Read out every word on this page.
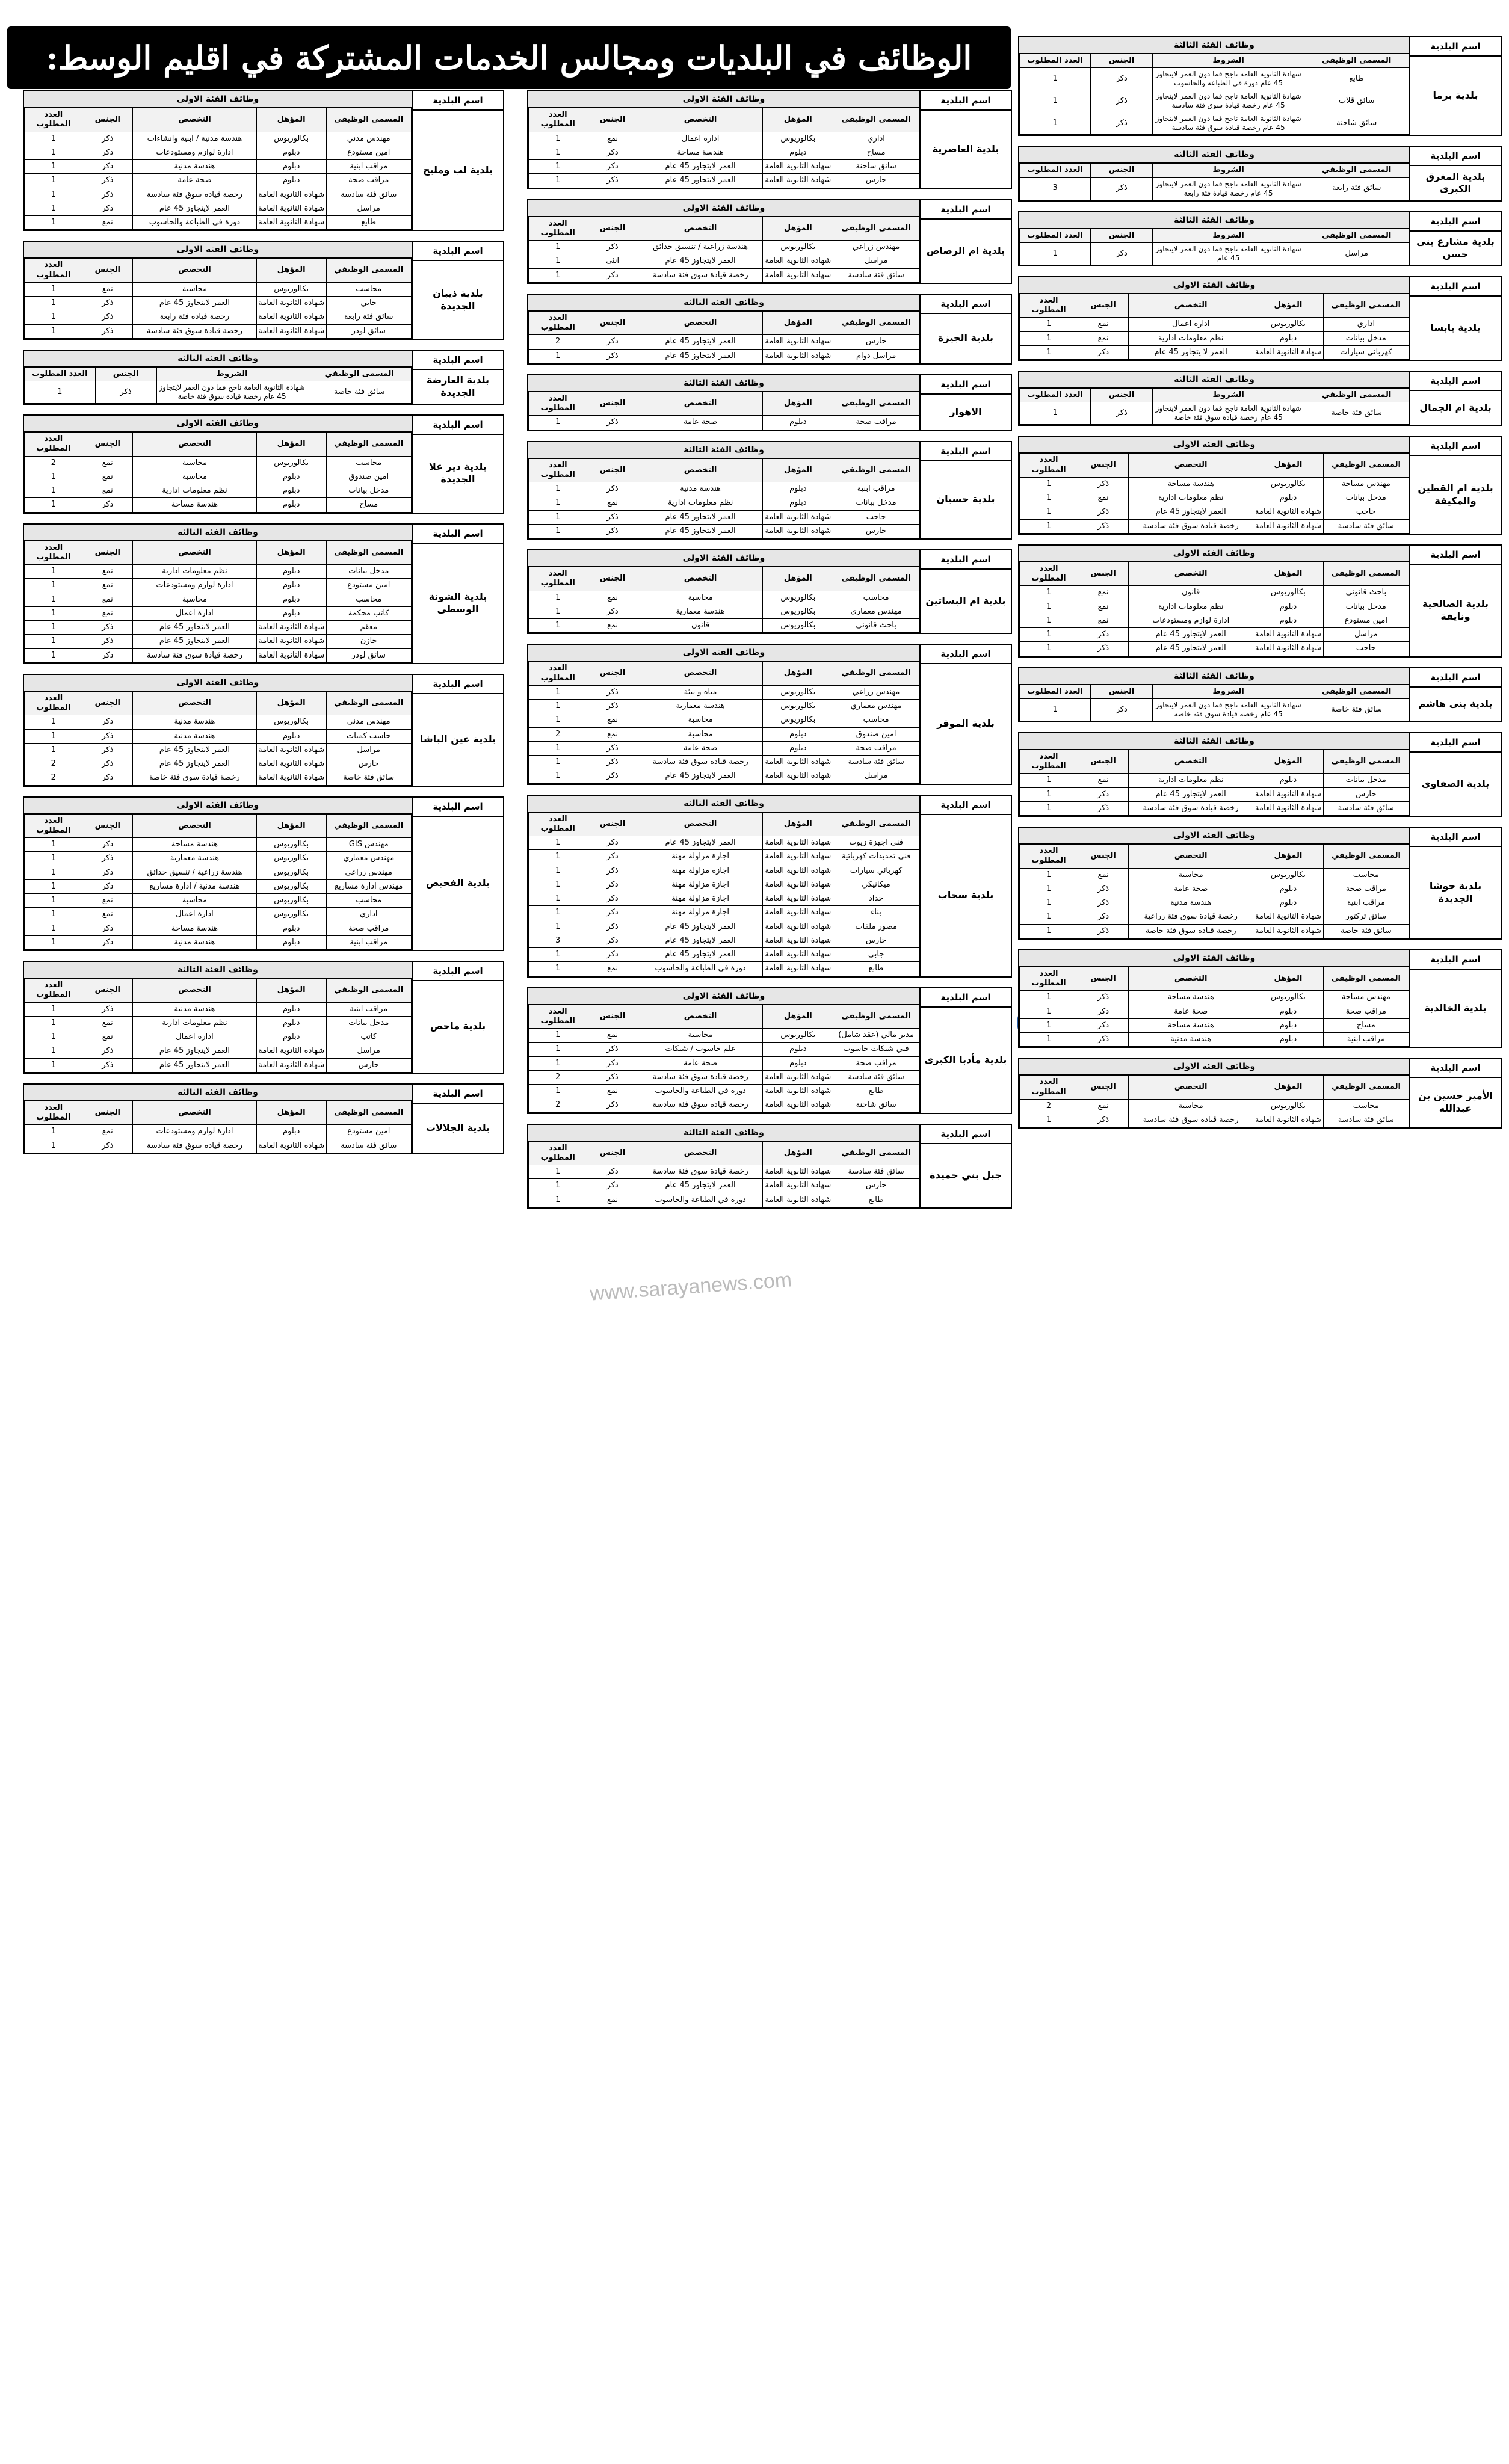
الوظائف في البلديات ومجالس الخدمات المشتركة في اقليم الوسط:
www.sarayanews.com
اسم البلدية
بلدية برما
وظائف الفئة الثالثة
المسمى الوظيفي	الشروط	الجنس	العدد المطلوب
طابع	شهادة الثانوية العامة ناجح فما دون العمر لايتجاوز 45 عام دورة في الطباعة والحاسوب	ذكر	1
سائق قلاب	شهادة الثانوية العامة ناجح فما دون العمر لايتجاوز 45 عام رخصة قيادة سوق فئة سادسة	ذكر	1
سائق شاحنة	شهادة الثانوية العامة ناجح فما دون العمر لايتجاوز 45 عام رخصة قيادة سوق فئة سادسة	ذكر	1
اسم البلدية
بلدية المغرق الكبرى
وظائف الفئة الثالثة
المسمى الوظيفي	الشروط	الجنس	العدد المطلوب
سائق فئة رابعة	شهادة الثانوية العامة ناجح فما دون العمر لايتجاوز 45 عام رخصة قيادة فئة رابعة	ذكر	3
اسم البلدية
بلدية مشارع بني حسن
وظائف الفئة الثالثة
المسمى الوظيفي	الشروط	الجنس	العدد المطلوب
مراسل	شهادة الثانوية العامة ناجح فما دون العمر لايتجاوز 45 عام	ذكر	1
اسم البلدية
بلدية يابسا
وظائف الفئة الاولى
المسمى الوظيفي	المؤهل	التخصص	الجنس	العدد المطلوب
اداري	بكالوريوس	ادارة اعمال	نمع	1
مدخل بيانات	دبلوم	نظم معلومات ادارية	نمع	1
كهربائي سيارات	شهادة الثانوية العامة	العمر لا يتجاوز 45 عام	ذكر	1
اسم البلدية
بلدية ام الجمال
وظائف الفئة الثالثة
المسمى الوظيفي	الشروط	الجنس	العدد المطلوب
سائق فئة خاصة	شهادة الثانوية العامة ناجح فما دون العمر لايتجاوز 45 عام رخصة قيادة سوق فئة خاصة	ذكر	1
اسم البلدية
بلدية ام القطين والمكيفة
وظائف الفئة الاولى
المسمى الوظيفي	المؤهل	التخصص	الجنس	العدد المطلوب
مهندس مساحة	بكالوريوس	هندسة مساحة	ذكر	1
مدخل بيانات	دبلوم	نظم معلومات ادارية	نمع	1
حاجب	شهادة الثانوية العامة	العمر لايتجاوز 45 عام	ذكر	1
سائق فئة سادسة	شهادة الثانوية العامة	رخصة قيادة سوق فئة سادسة	ذكر	1
اسم البلدية
بلدية الصالحية ونايفة
وظائف الفئة الاولى
المسمى الوظيفي	المؤهل	التخصص	الجنس	العدد المطلوب
باحث قانوني	بكالوريوس	قانون	نمع	1
مدخل بيانات	دبلوم	نظم معلومات ادارية	نمع	1
امين مستودع	دبلوم	ادارة لوازم ومستودعات	نمع	1
مراسل	شهادة الثانوية العامة	العمر لايتجاوز 45 عام	ذكر	1
حاجب	شهادة الثانوية العامة	العمر لايتجاوز 45 عام	ذكر	1
اسم البلدية
بلدية بني هاشم
وظائف الفئة الثالثة
المسمى الوظيفي	الشروط	الجنس	العدد المطلوب
سائق فئة خاصة	شهادة الثانوية العامة ناجح فما دون العمر لايتجاوز 45 عام رخصة قيادة سوق فئة خاصة	ذكر	1
اسم البلدية
بلدية الصفاوي
وظائف الفئة الثالثة
المسمى الوظيفي	المؤهل	التخصص	الجنس	العدد المطلوب
مدخل بيانات	دبلوم	نظم معلومات ادارية	نمع	1
حارس	شهادة الثانوية العامة	العمر لايتجاوز 45 عام	ذكر	1
سائق فئة سادسة	شهادة الثانوية العامة	رخصة قيادة سوق فئة سادسة	ذكر	1
اسم البلدية
بلدية حوشا الجديدة
وظائف الفئة الاولى
المسمى الوظيفي	المؤهل	التخصص	الجنس	العدد المطلوب
محاسب	بكالوريوس	محاسبة	نمع	1
مراقب صحة	دبلوم	صحة عامة	ذكر	1
مراقب ابنية	دبلوم	هندسة مدنية	ذكر	1
سائق تركتور	شهادة الثانوية العامة	رخصة قيادة سوق فئة زراعية	ذكر	1
سائق فئة خاصة	شهادة الثانوية العامة	رخصة قيادة سوق فئة خاصة	ذكر	1
اسم البلدية
بلدية الخالدية
وظائف الفئة الاولى
المسمى الوظيفي	المؤهل	التخصص	الجنس	العدد المطلوب
مهندس مساحة	بكالوريوس	هندسة مساحة	ذكر	1
مراقب صحة	دبلوم	صحة عامة	ذكر	1
مساح	دبلوم	هندسة مساحة	ذكر	1
مراقب ابنية	دبلوم	هندسة مدنية	ذكر	1
اسم البلدية
الأمير حسين بن عبدالله
وظائف الفئة الاولى
المسمى الوظيفي	المؤهل	التخصص	الجنس	العدد المطلوب
محاسب	بكالوريوس	محاسبة	نمع	2
سائق فئة سادسة	شهادة الثانوية العامة	رخصة قيادة سوق فئة سادسة	ذكر	1
اسم البلدية
بلدية العاصرية
وظائف الفئة الاولى
المسمى الوظيفي	المؤهل	التخصص	الجنس	العدد المطلوب
اداري	بكالوريوس	ادارة اعمال	نمع	1
مساح	دبلوم	هندسة مساحة	ذكر	1
سائق شاحنة	شهادة الثانوية العامة	العمر لايتجاوز 45 عام	ذكر	1
حارس	شهادة الثانوية العامة	العمر لايتجاوز 45 عام	ذكر	1
اسم البلدية
بلدية ام الرصاص
وظائف الفئة الاولى
المسمى الوظيفي	المؤهل	التخصص	الجنس	العدد المطلوب
مهندس زراعي	بكالوريوس	هندسة زراعية / تنسيق حدائق	ذكر	1
مراسل	شهادة الثانوية العامة	العمر لايتجاوز 45 عام	انثى	1
سائق فئة سادسة	شهادة الثانوية العامة	رخصة قيادة سوق فئة سادسة	ذكر	1
اسم البلدية
بلدية الجيزة
وظائف الفئة الثالثة
المسمى الوظيفي	المؤهل	التخصص	الجنس	العدد المطلوب
حارس	شهادة الثانوية العامة	العمر لايتجاوز 45 عام	ذكر	2
مراسل دوام	شهادة الثانوية العامة	العمر لايتجاوز 45 عام	ذكر	1
اسم البلدية
الاهوار
وظائف الفئة الثالثة
المسمى الوظيفي	المؤهل	التخصص	الجنس	العدد المطلوب
مراقب صحة	دبلوم	صحة عامة	ذكر	1
اسم البلدية
بلدية حسبان
وظائف الفئة الثالثة
المسمى الوظيفي	المؤهل	التخصص	الجنس	العدد المطلوب
مراقب ابنية	دبلوم	هندسة مدنية	ذكر	1
مدخل بيانات	دبلوم	نظم معلومات ادارية	نمع	1
حاجب	شهادة الثانوية العامة	العمر لايتجاوز 45 عام	ذكر	1
حارس	شهادة الثانوية العامة	العمر لايتجاوز 45 عام	ذكر	1
اسم البلدية
بلدية ام البساتين
وظائف الفئة الاولى
المسمى الوظيفي	المؤهل	التخصص	الجنس	العدد المطلوب
محاسب	بكالوريوس	محاسبة	نمع	1
مهندس معماري	بكالوريوس	هندسة معمارية	ذكر	1
باحث قانوني	بكالوريوس	قانون	نمع	1
اسم البلدية
بلدية الموقر
وظائف الفئة الاولى
المسمى الوظيفي	المؤهل	التخصص	الجنس	العدد المطلوب
مهندس زراعي	بكالوريوس	مياه و بيئة	ذكر	1
مهندس معماري	بكالوريوس	هندسة معمارية	ذكر	1
محاسب	بكالوريوس	محاسبة	نمع	1
امين صندوق	دبلوم	محاسبة	نمع	2
مراقب صحة	دبلوم	صحة عامة	ذكر	1
سائق فئة سادسة	شهادة الثانوية العامة	رخصة قيادة سوق فئة سادسة	ذكر	1
مراسل	شهادة الثانوية العامة	العمر لايتجاوز 45 عام	ذكر	1
اسم البلدية
بلدية سحاب
وظائف الفئة الثالثة
المسمى الوظيفي	المؤهل	التخصص	الجنس	العدد المطلوب
فني اجهزة زيوت	شهادة الثانوية العامة	العمر لايتجاوز 45 عام	ذكر	1
فني تمديدات كهربائية	شهادة الثانوية العامة	اجازة مزاولة مهنة	ذكر	1
كهربائي سيارات	شهادة الثانوية العامة	اجازة مزاولة مهنة	ذكر	1
ميكانيكي	شهادة الثانوية العامة	اجازة مزاولة مهنة	ذكر	1
حداد	شهادة الثانوية العامة	اجازة مزاولة مهنة	ذكر	1
بناء	شهادة الثانوية العامة	اجازة مزاولة مهنة	ذكر	1
مصور ملفات	شهادة الثانوية العامة	العمر لايتجاوز 45 عام	ذكر	1
حارس	شهادة الثانوية العامة	العمر لايتجاوز 45 عام	ذكر	3
جابي	شهادة الثانوية العامة	العمر لايتجاوز 45 عام	ذكر	1
طابع	شهادة الثانوية العامة	دورة في الطباعة والحاسوب	نمع	1
اسم البلدية
بلدية مأدبا الكبرى
وظائف الفئة الاولى
المسمى الوظيفي	المؤهل	التخصص	الجنس	العدد المطلوب
مدير مالي (عقد شامل)	بكالوريوس	محاسبة	نمع	1
فني شبكات حاسوب	دبلوم	علم حاسوب / شبكات	ذكر	1
مراقب صحة	دبلوم	صحة عامة	ذكر	1
سائق فئة سادسة	شهادة الثانوية العامة	رخصة قيادة سوق فئة سادسة	ذكر	2
طابع	شهادة الثانوية العامة	دورة في الطباعة والحاسوب	نمع	1
سائق شاحنة	شهادة الثانوية العامة	رخصة قيادة سوق فئة سادسة	ذكر	2
اسم البلدية
جبل بني حميدة
وظائف الفئة الثالثة
المسمى الوظيفي	المؤهل	التخصص	الجنس	العدد المطلوب
سائق فئة سادسة	شهادة الثانوية العامة	رخصة قيادة سوق فئة سادسة	ذكر	1
حارس	شهادة الثانوية العامة	العمر لايتجاوز 45 عام	ذكر	1
طابع	شهادة الثانوية العامة	دورة في الطباعة والحاسوب	نمع	1
اسم البلدية
بلدية لب ومليح
وظائف الفئة الاولى
المسمى الوظيفي	المؤهل	التخصص	الجنس	العدد المطلوب
مهندس مدني	بكالوريوس	هندسة مدنية / ابنية وانشاءات	ذكر	1
امين مستودع	دبلوم	ادارة لوازم ومستودعات	ذكر	1
مراقب ابنية	دبلوم	هندسة مدنية	ذكر	1
مراقب صحة	دبلوم	صحة عامة	ذكر	1
سائق فئة سادسة	شهادة الثانوية العامة	رخصة قيادة سوق فئة سادسة	ذكر	1
مراسل	شهادة الثانوية العامة	العمر لايتجاوز 45 عام	ذكر	1
طابع	شهادة الثانوية العامة	دورة في الطباعة والحاسوب	نمع	1
اسم البلدية
بلدية ذيبان الجديدة
وظائف الفئة الاولى
المسمى الوظيفي	المؤهل	التخصص	الجنس	العدد المطلوب
محاسب	بكالوريوس	محاسبة	نمع	1
جابي	شهادة الثانوية العامة	العمر لايتجاوز 45 عام	ذكر	1
سائق فئة رابعة	شهادة الثانوية العامة	رخصة قيادة فئة رابعة	ذكر	1
سائق لودر	شهادة الثانوية العامة	رخصة قيادة سوق فئة سادسة	ذكر	1
اسم البلدية
بلدية العارضة الجديدة
وظائف الفئة الثالثة
المسمى الوظيفي	الشروط	الجنس	العدد المطلوب
سائق فئة خاصة	شهادة الثانوية العامة ناجح فما دون العمر لايتجاوز 45 عام رخصة قيادة سوق فئة خاصة	ذكر	1
اسم البلدية
بلدية دير علا الجديدة
وظائف الفئة الاولى
المسمى الوظيفي	المؤهل	التخصص	الجنس	العدد المطلوب
محاسب	بكالوريوس	محاسبة	نمع	2
امين صندوق	دبلوم	محاسبة	نمع	1
مدخل بيانات	دبلوم	نظم معلومات ادارية	نمع	1
مساح	دبلوم	هندسة مساحة	ذكر	1
اسم البلدية
بلدية الشونة الوسطى
وظائف الفئة الثالثة
المسمى الوظيفي	المؤهل	التخصص	الجنس	العدد المطلوب
مدخل بيانات	دبلوم	نظم معلومات ادارية	نمع	1
امين مستودع	دبلوم	ادارة لوازم ومستودعات	نمع	1
محاسب	دبلوم	محاسبة	نمع	1
كاتب محكمة	دبلوم	ادارة اعمال	نمع	1
معقم	شهادة الثانوية العامة	العمر لايتجاوز 45 عام	ذكر	1
خازن	شهادة الثانوية العامة	العمر لايتجاوز 45 عام	ذكر	1
سائق لودر	شهادة الثانوية العامة	رخصة قيادة سوق فئة سادسة	ذكر	1
اسم البلدية
بلدية عين الباشا
وظائف الفئة الاولى
المسمى الوظيفي	المؤهل	التخصص	الجنس	العدد المطلوب
مهندس مدني	بكالوريوس	هندسة مدنية	ذكر	1
حاسب كميات	دبلوم	هندسة مدنية	ذكر	1
مراسل	شهادة الثانوية العامة	العمر لايتجاوز 45 عام	ذكر	1
حارس	شهادة الثانوية العامة	العمر لايتجاوز 45 عام	ذكر	2
سائق فئة خاصة	شهادة الثانوية العامة	رخصة قيادة سوق فئة خاصة	ذكر	2
اسم البلدية
بلدية الفحيص
وظائف الفئة الاولى
المسمى الوظيفي	المؤهل	التخصص	الجنس	العدد المطلوب
مهندس GIS	بكالوريوس	هندسة مساحة	ذكر	1
مهندس معماري	بكالوريوس	هندسة معمارية	ذكر	1
مهندس زراعي	بكالوريوس	هندسة زراعية / تنسيق حدائق	ذكر	1
مهندس ادارة مشاريع	بكالوريوس	هندسة مدنية / ادارة مشاريع	ذكر	1
محاسب	بكالوريوس	محاسبة	نمع	1
اداري	بكالوريوس	ادارة اعمال	نمع	1
مراقب صحة	دبلوم	هندسة مساحة	ذكر	1
مراقب ابنية	دبلوم	هندسة مدنية	ذكر	1
اسم البلدية
بلدية ماحص
وظائف الفئة الثالثة
المسمى الوظيفي	المؤهل	التخصص	الجنس	العدد المطلوب
مراقب ابنية	دبلوم	هندسة مدنية	ذكر	1
مدخل بيانات	دبلوم	نظم معلومات ادارية	نمع	1
كاتب	دبلوم	ادارة اعمال	نمع	1
مراسل	شهادة الثانوية العامة	العمر لايتجاوز 45 عام	ذكر	1
حارس	شهادة الثانوية العامة	العمر لايتجاوز 45 عام	ذكر	1
اسم البلدية
بلدية الجلالات
وظائف الفئة الثالثة
المسمى الوظيفي	المؤهل	التخصص	الجنس	العدد المطلوب
امين مستودع	دبلوم	ادارة لوازم ومستودعات	نمع	1
سائق فئة سادسة	شهادة الثانوية العامة	رخصة قيادة سوق فئة سادسة	ذكر	1
